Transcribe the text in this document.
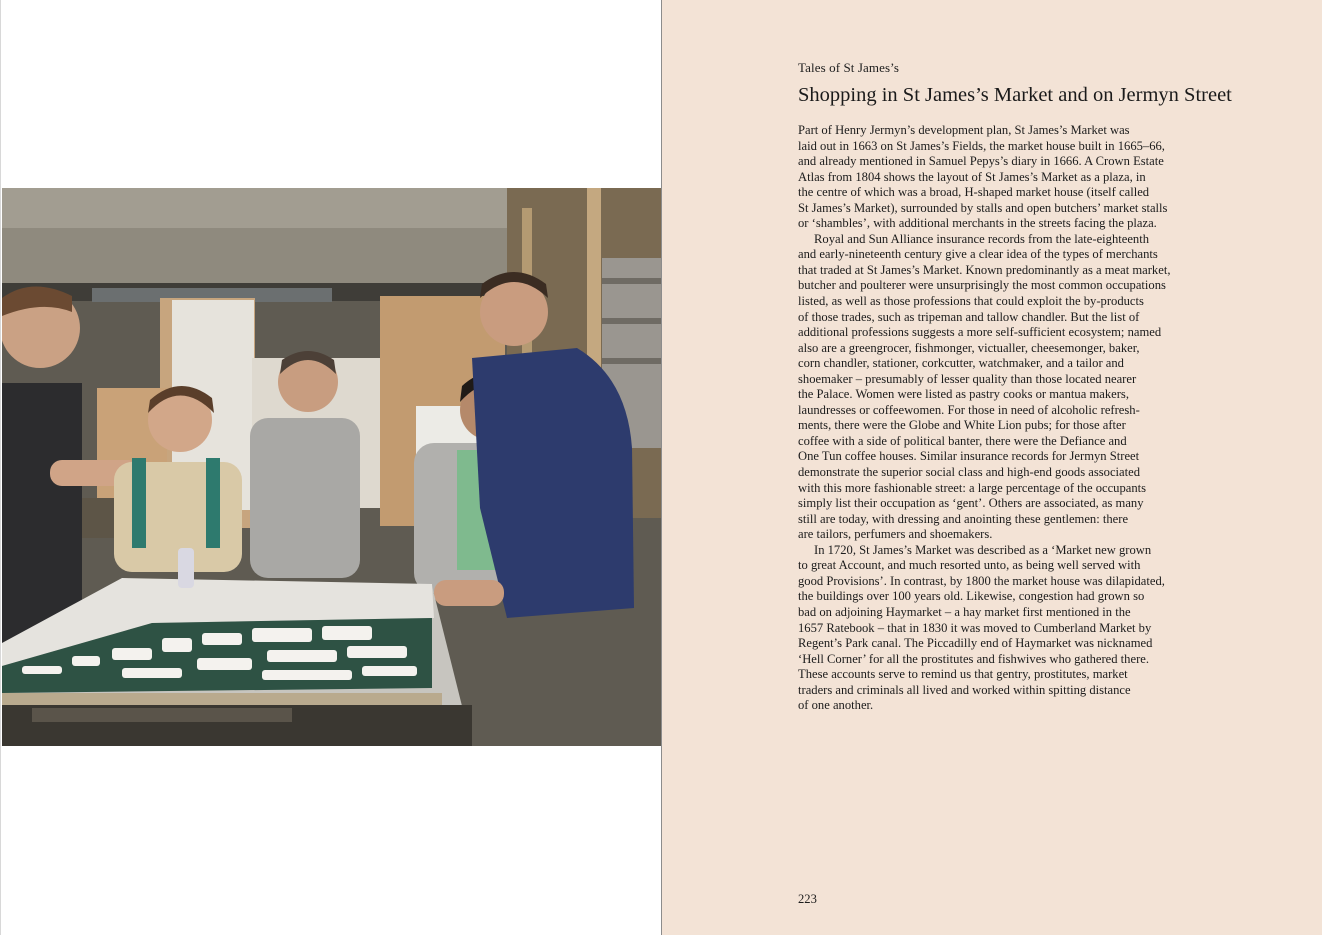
Tales of St James’s
Shopping in St James’s Market and on Jermyn Street

Part of Henry Jermyn’s development plan, St James’s Market was
laid out in 1663 on St James’s Fields, the market house built in 1665–66,
and already mentioned in Samuel Pepys’s diary in 1666. A Crown Estate
Atlas from 1804 shows the layout of St James’s Market as a plaza, in
the centre of which was a broad, H-shaped market house (itself called
St James’s Market), surrounded by stalls and open butchers’ market stalls
or ‘shambles’, with additional merchants in the streets facing the plaza.

Royal and Sun Alliance insurance records from the late-eighteenth
and early-nineteenth century give a clear idea of the types of merchants
that traded at St James’s Market. Known predominantly as a meat market,
butcher and poulterer were unsurprisingly the most common occupations
listed, as well as those professions that could exploit the by-products
of those trades, such as tripeman and tallow chandler. But the list of
additional professions suggests a more self-sufficient ecosystem; named
also are a greengrocer, fishmonger, victualler, cheesemonger, baker,
corn chandler, stationer, corkcutter, watchmaker, and a tailor and
shoemaker – presumably of lesser quality than those located nearer
the Palace. Women were listed as pastry cooks or mantua makers,
laundresses or coffeewomen. For those in need of alcoholic refresh-
ments, there were the Globe and White Lion pubs; for those after
coffee with a side of political banter, there were the Defiance and
One Tun coffee houses. Similar insurance records for Jermyn Street
demonstrate the superior social class and high-end goods associated
with this more fashionable street: a large percentage of the occupants
simply list their occupation as ‘gent’. Others are associated, as many
still are today, with dressing and anointing these gentlemen: there
are tailors, perfumers and shoemakers.

In 1720, St James’s Market was described as a ‘Market new grown
to great Account, and much resorted unto, as being well served with
good Provisions’. In contrast, by 1800 the market house was dilapidated,
the buildings over 100 years old. Likewise, congestion had grown so
bad on adjoining Haymarket – a hay market first mentioned in the
1657 Ratebook – that in 1830 it was moved to Cumberland Market by
Regent’s Park canal. The Piccadilly end of Haymarket was nicknamed
‘Hell Corner’ for all the prostitutes and fishwives who gathered there.
These accounts serve to remind us that gentry, prostitutes, market
traders and criminals all lived and worked within spitting distance
of one another.

223
